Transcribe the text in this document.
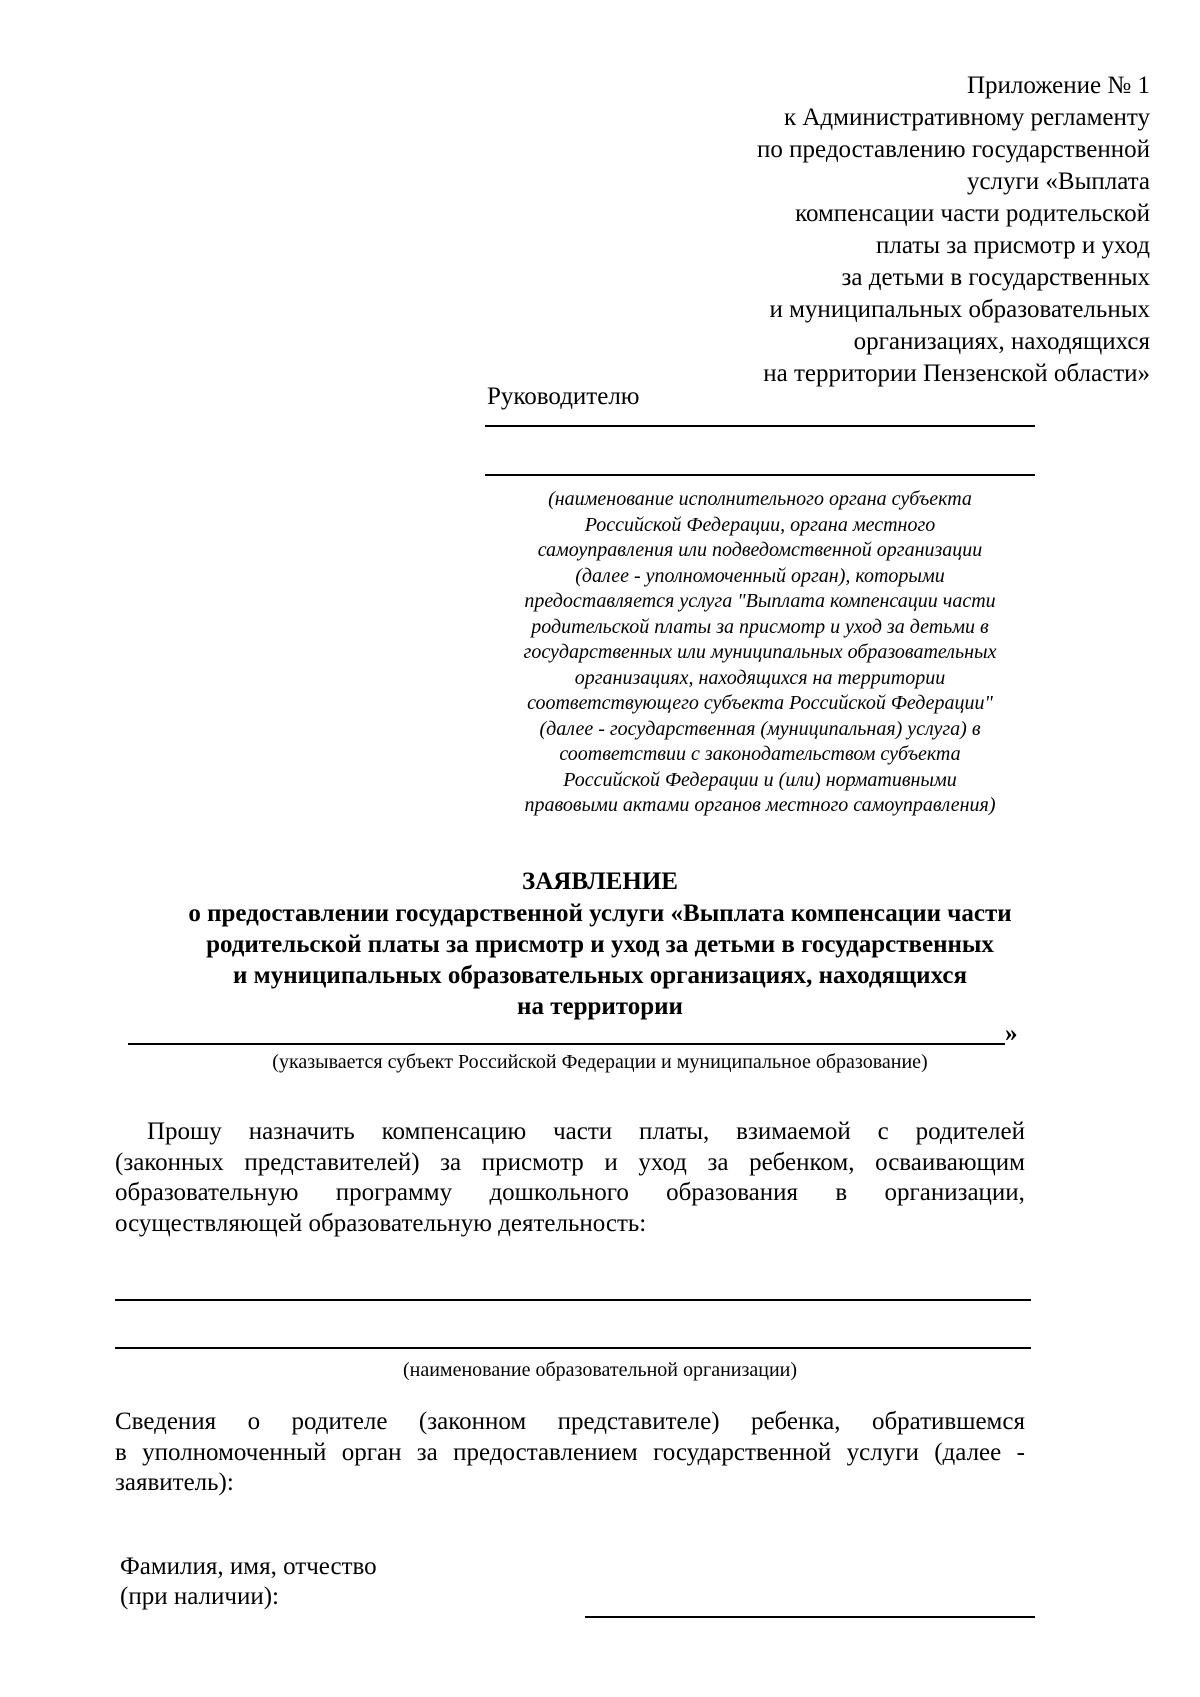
Приложение № 1
к Административному регламенту
по предоставлению государственной
услуги «Выплата
компенсации части родительской
платы за присмотр и уход
за детьми в государственных
и муниципальных образовательных
организациях, находящихся
на территории Пензенской области»
Руководителю
(наименование исполнительного органа субъекта
Российской Федерации, органа местного
самоуправления или подведомственной организации
(далее - уполномоченный орган), которыми
предоставляется услуга "Выплата компенсации части
родительской платы за присмотр и уход за детьми в
государственных или муниципальных образовательных
организациях, находящихся на территории
соответствующего субъекта Российской Федерации"
(далее - государственная (муниципальная) услуга) в
соответствии с законодательством субъекта
Российской Федерации и (или) нормативными
правовыми актами органов местного самоуправления)
ЗАЯВЛЕНИЕ
о предоставлении государственной услуги «Выплата компенсации части
родительской платы за присмотр и уход за детьми в государственных
и муниципальных образовательных организациях, находящихся
на территории
»
(указывается субъект Российской Федерации и муниципальное образование)
Прошу назначить компенсацию части платы, взимаемой с родителей
(законных представителей) за присмотр и уход за ребенком, осваивающим
образовательную программу дошкольного образования в организации,
осуществляющей образовательную деятельность:
(наименование образовательной организации)
Сведения о родителе (законном представителе) ребенка, обратившемся
в уполномоченный орган за предоставлением государственной услуги (далее -
заявитель):
Фамилия, имя, отчество
(при наличии):
